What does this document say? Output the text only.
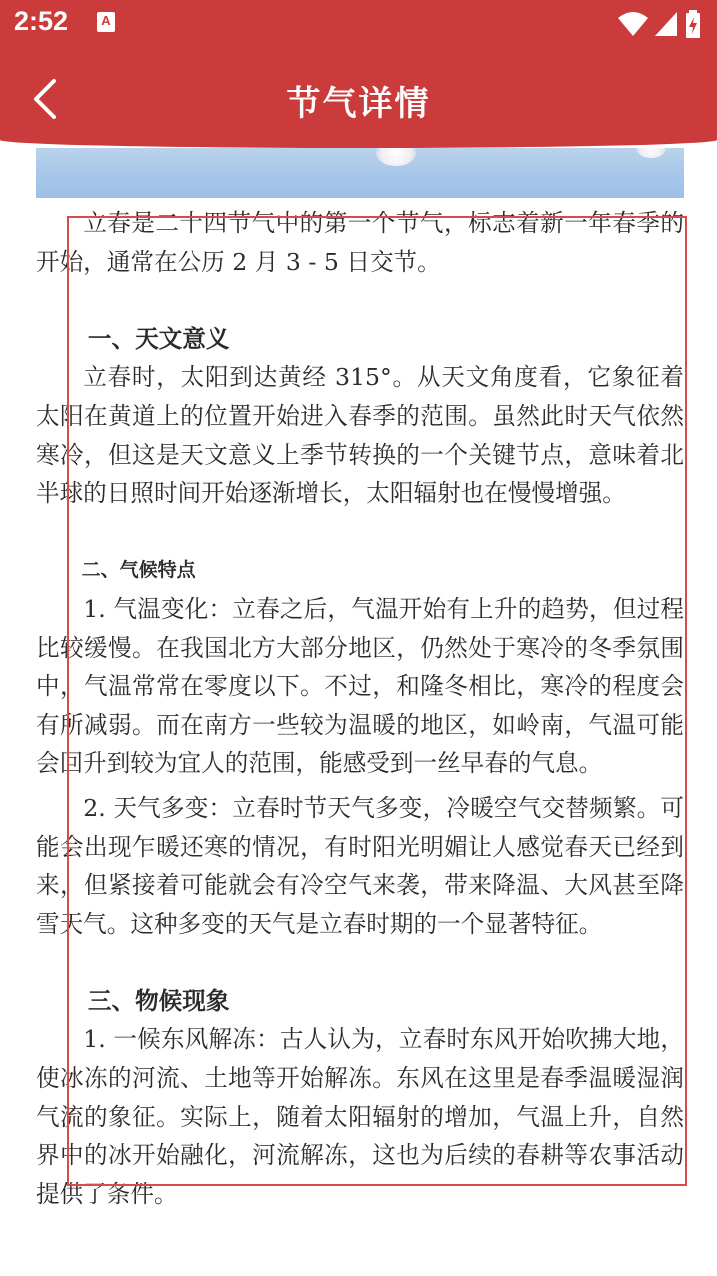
2:52	A
节气详情

立春是二十四节气中的第一个节气，标志着新一年春季的开始，通常在公历 2 月 3 - 5 日交节。

一、天文意义

立春时，太阳到达黄经 315°。从天文角度看，它象征着太阳在黄道上的位置开始进入春季的范围。虽然此时天气依然寒冷，但这是天文意义上季节转换的一个关键节点，意味着北半球的日照时间开始逐渐增长，太阳辐射也在慢慢增强。

二、气候特点

1. 气温变化：立春之后，气温开始有上升的趋势，但过程比较缓慢。在我国北方大部分地区，仍然处于寒冷的冬季氛围中，气温常常在零度以下。不过，和隆冬相比，寒冷的程度会有所减弱。而在南方一些较为温暖的地区，如岭南，气温可能会回升到较为宜人的范围，能感受到一丝早春的气息。

2. 天气多变：立春时节天气多变，冷暖空气交替频繁。可能会出现乍暖还寒的情况，有时阳光明媚让人感觉春天已经到来，但紧接着可能就会有冷空气来袭，带来降温、大风甚至降雪天气。这种多变的天气是立春时期的一个显著特征。

三、物候现象

1. 一候东风解冻：古人认为，立春时东风开始吹拂大地，使冰冻的河流、土地等开始解冻。东风在这里是春季温暖湿润气流的象征。实际上，随着太阳辐射的增加，气温上升，自然界中的冰开始融化，河流解冻，这也为后续的春耕等农事活动提供了条件。
